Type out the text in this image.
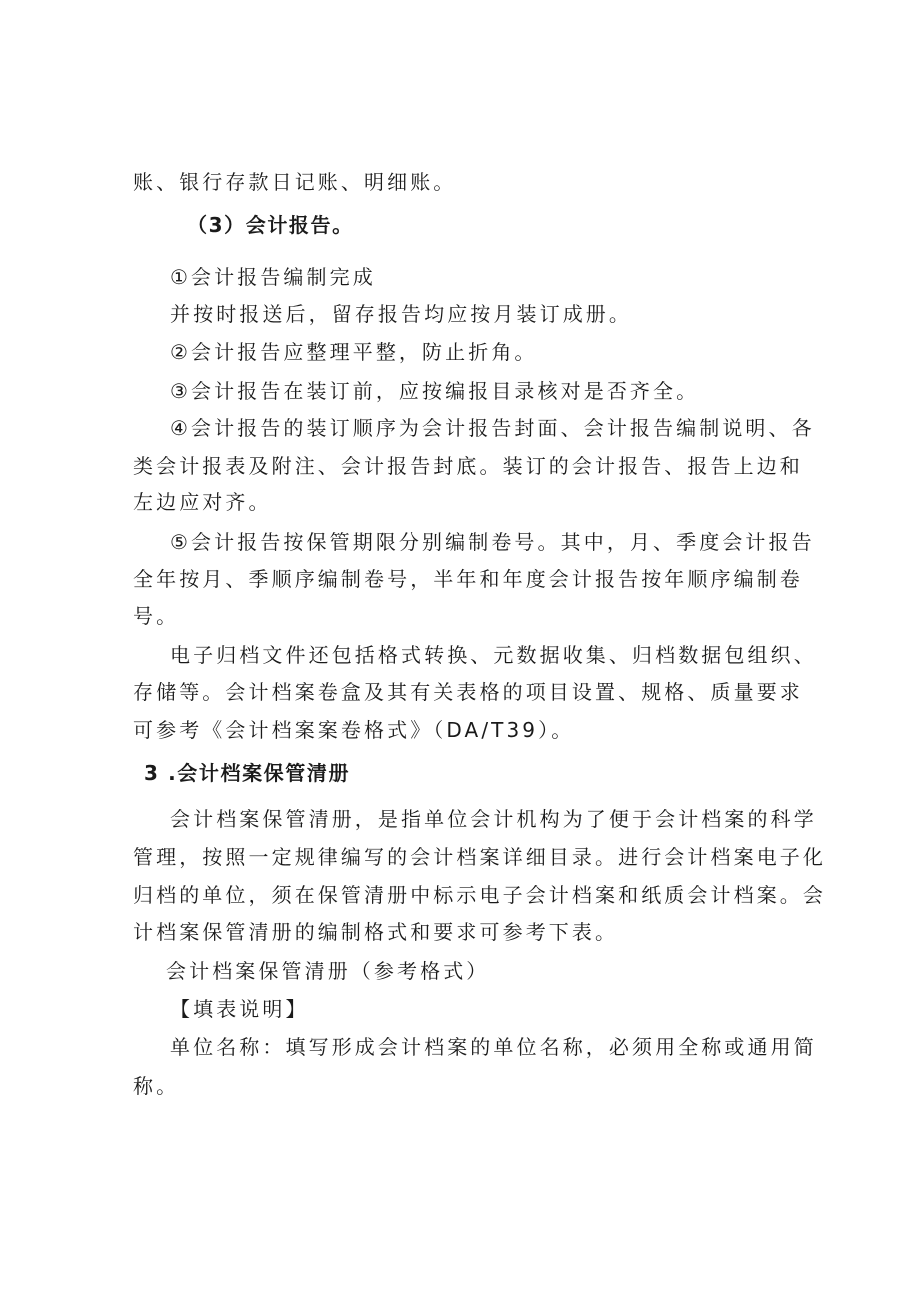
账、银行存款日记账、明细账。
（3）会计报告。
①会计报告编制完成
并按时报送后，留存报告均应按月装订成册。
②会计报告应整理平整，防止折角。
③会计报告在装订前，应按编报目录核对是否齐全。
④会计报告的装订顺序为会计报告封面、会计报告编制说明、各
类会计报表及附注、会计报告封底。装订的会计报告、报告上边和
左边应对齐。
⑤会计报告按保管期限分别编制卷号。其中，月、季度会计报告
全年按月、季顺序编制卷号，半年和年度会计报告按年顺序编制卷
号。
电子归档文件还包括格式转换、元数据收集、归档数据包组织、
存储等。会计档案卷盒及其有关表格的项目设置、规格、质量要求
可参考《会计档案案卷格式》（DA/T39）。
3 .会计档案保管清册
会计档案保管清册，是指单位会计机构为了便于会计档案的科学
管理，按照一定规律编写的会计档案详细目录。进行会计档案电子化
归档的单位，须在保管清册中标示电子会计档案和纸质会计档案。会
计档案保管清册的编制格式和要求可参考下表。
会计档案保管清册（参考格式）
【填表说明】
单位名称：填写形成会计档案的单位名称，必须用全称或通用简
称。
